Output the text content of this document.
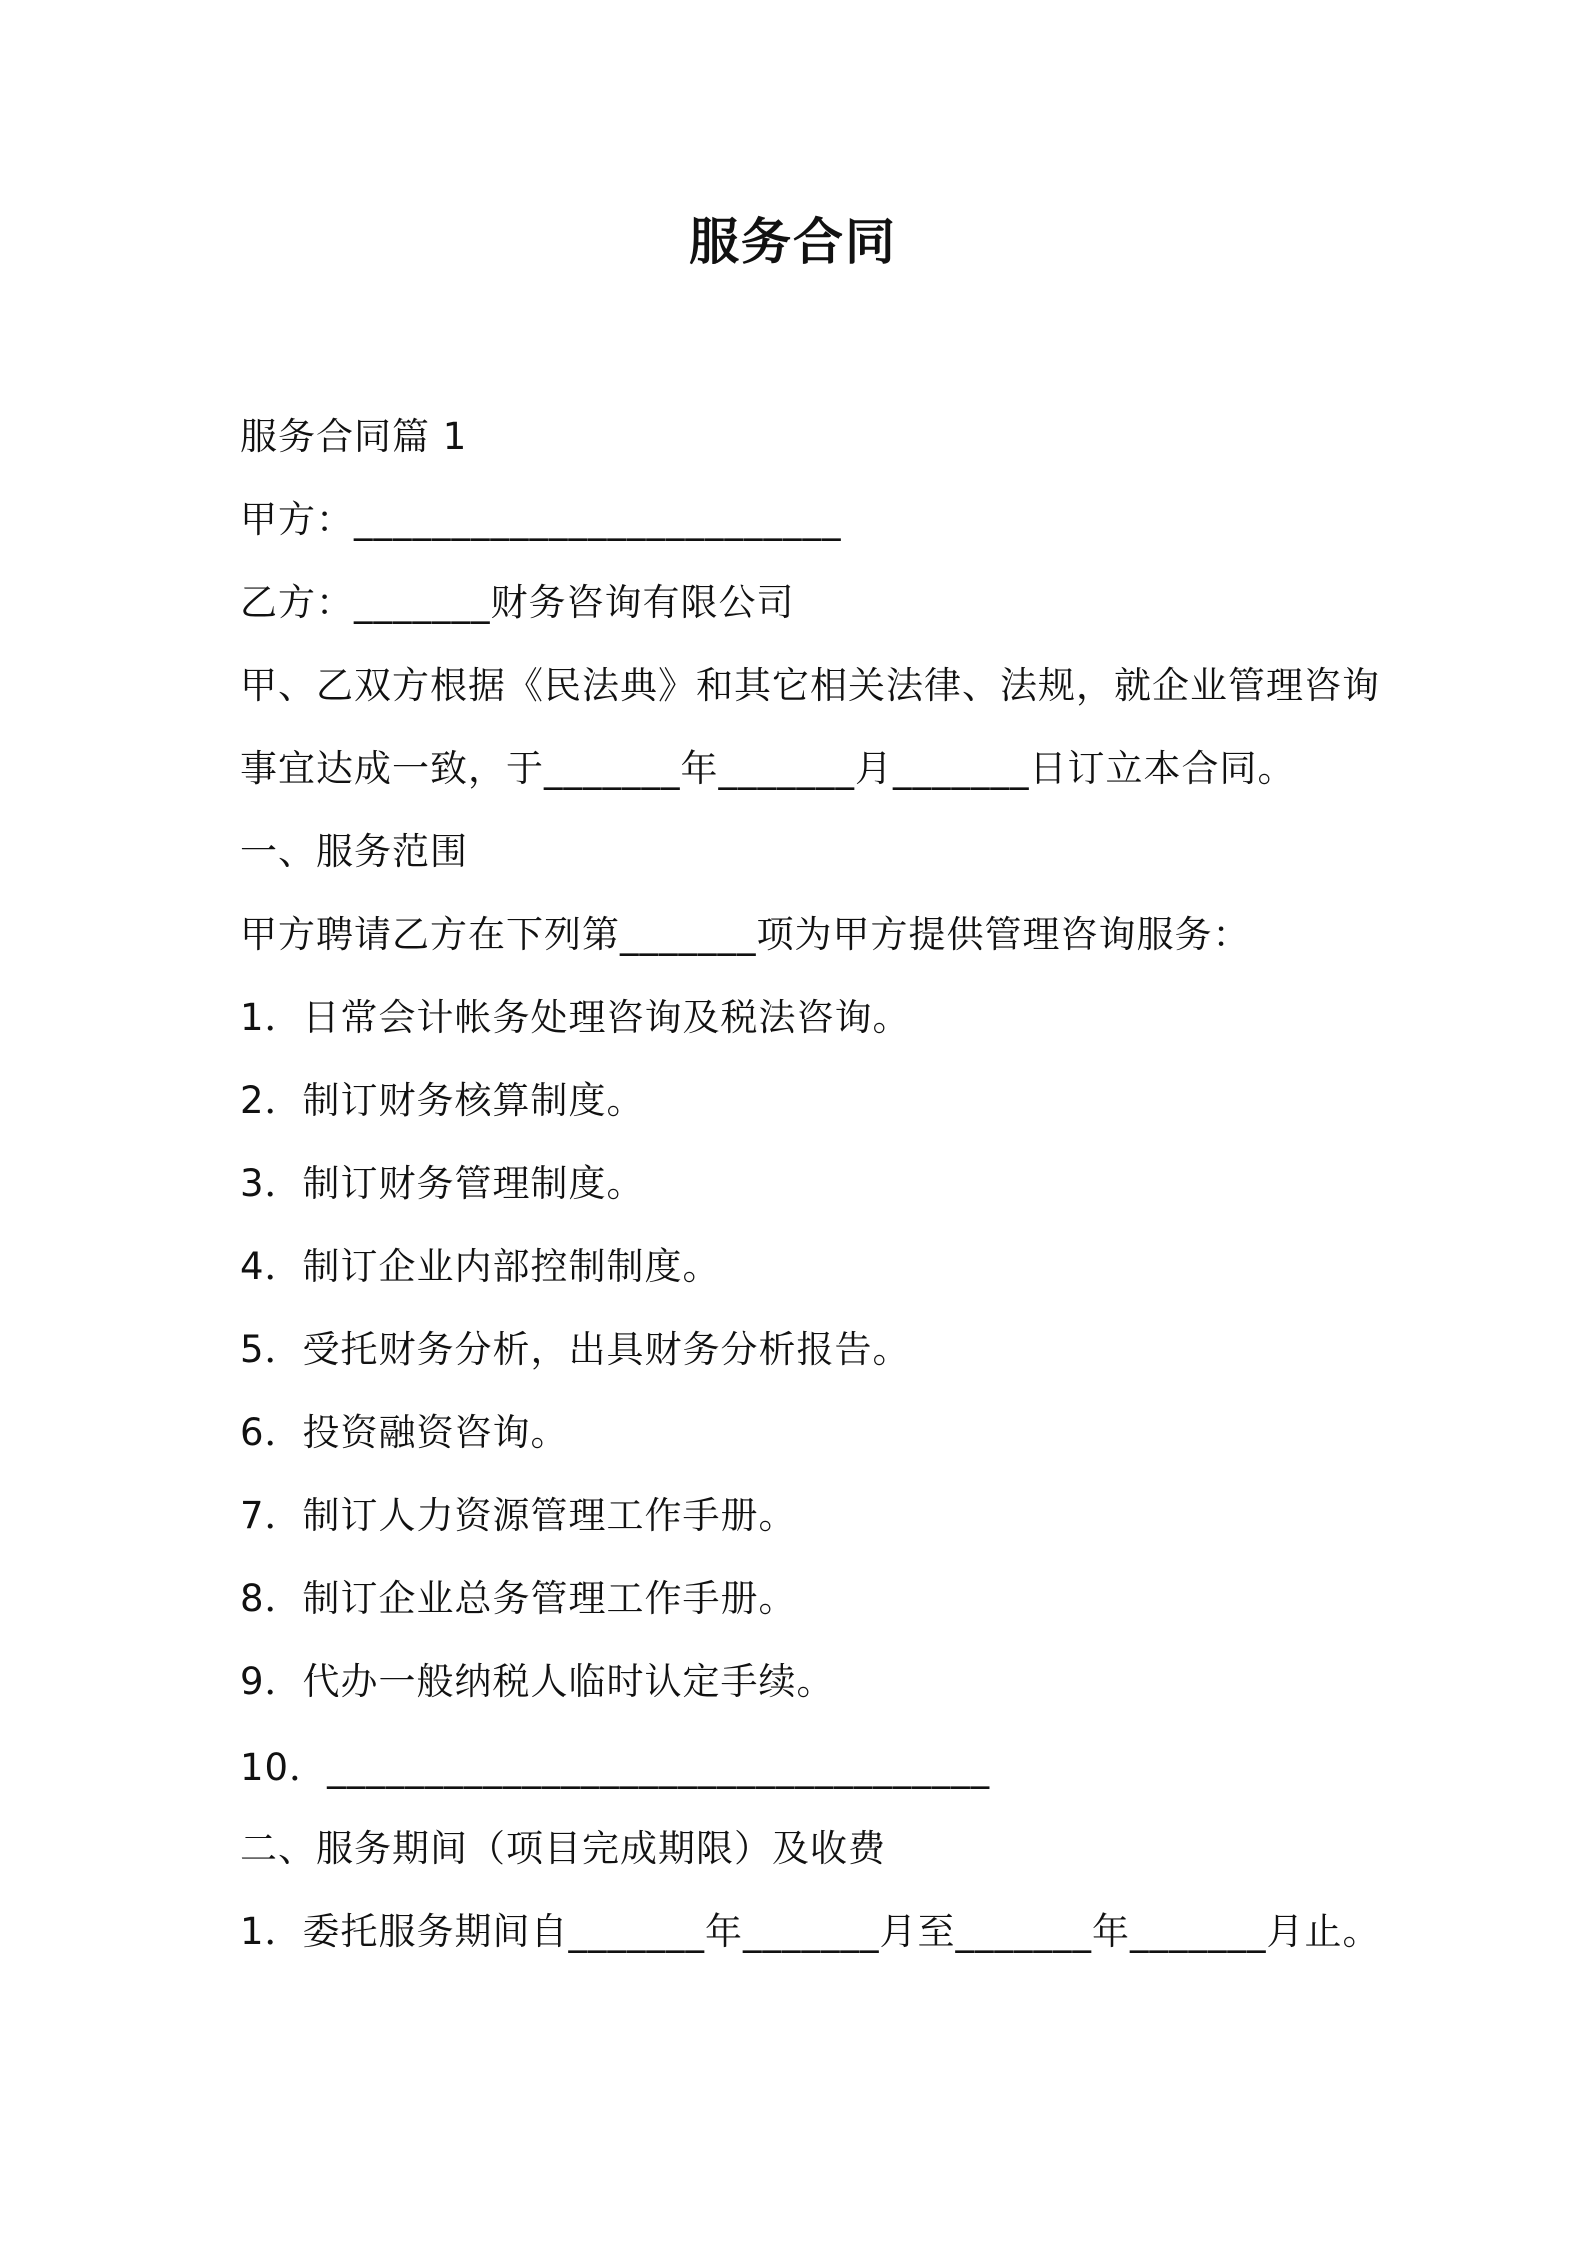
服务合同
服务合同篇 1
甲方：_________________________
乙方：_______财务咨询有限公司
甲、乙双方根据《民法典》和其它相关法律、法规，就企业管理咨询
事宜达成一致，于_______年_______月_______日订立本合同。
一、服务范围
甲方聘请乙方在下列第_______项为甲方提供管理咨询服务：
1．日常会计帐务处理咨询及税法咨询。
2．制订财务核算制度。
3．制订财务管理制度。
4．制订企业内部控制制度。
5．受托财务分析，出具财务分析报告。
6．投资融资咨询。
7．制订人力资源管理工作手册。
8．制订企业总务管理工作手册。
9．代办一般纳税人临时认定手续。
10．__________________________________
二、服务期间（项目完成期限）及收费
1．委托服务期间自_______年_______月至_______年_______月止。
